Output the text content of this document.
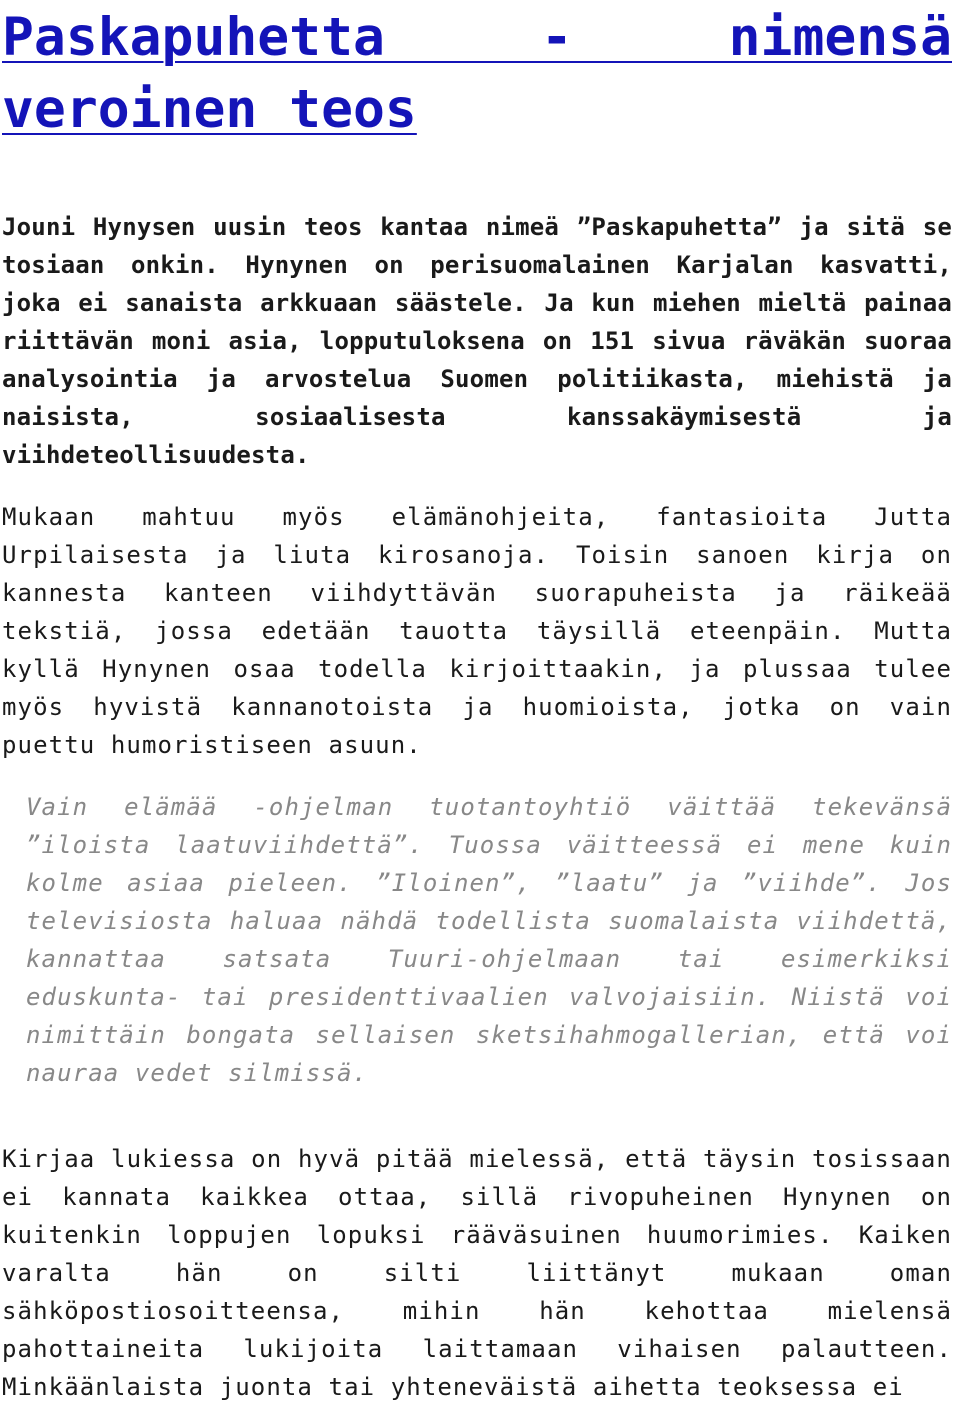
Paskapuhetta - nimensä veroinen teos

Jouni Hynysen uusin teos kantaa nimeä ”Paskapuhetta” ja sitä se tosiaan onkin. Hynynen on perisuomalainen Karjalan kasvatti, joka ei sanaista arkkuaan säästele. Ja kun miehen mieltä painaa riittävän moni asia, lopputuloksena on 151 sivua räväkän suoraa analysointia ja arvostelua Suomen politiikasta, miehistä ja naisista, sosiaalisesta kanssakäymisestä ja viihdeteollisuudesta.

Mukaan mahtuu myös elämänohjeita, fantasioita Jutta Urpilaisesta ja liuta kirosanoja. Toisin sanoen kirja on kannesta kanteen viihdyttävän suorapuheista ja räikeää tekstiä, jossa edetään tauotta täysillä eteenpäin. Mutta kyllä Hynynen osaa todella kirjoittaakin, ja plussaa tulee myös hyvistä kannanotoista ja huomioista, jotka on vain puettu humoristiseen asuun.

Vain elämää -ohjelman tuotantoyhtiö väittää tekevänsä ”iloista laatuviihdettä”. Tuossa väitteessä ei mene kuin kolme asiaa pieleen. ”Iloinen”, ”laatu” ja ”viihde”. Jos televisiosta haluaa nähdä todellista suomalaista viihdettä, kannattaa satsata Tuuri-ohjelmaan tai esimerkiksi eduskunta- tai presidenttivaalien valvojaisiin. Niistä voi nimittäin bongata sellaisen sketsihahmogallerian, että voi nauraa vedet silmissä.

Kirjaa lukiessa on hyvä pitää mielessä, että täysin tosissaan ei kannata kaikkea ottaa, sillä rivopuheinen Hynynen on kuitenkin loppujen lopuksi rääväsuinen huumorimies. Kaiken varalta hän on silti liittänyt mukaan oman sähköpostiosoitteensa, mihin hän kehottaa mielensä pahottaineita lukijoita laittamaan vihaisen palautteen. Minkäänlaista juonta tai yhteneväistä aihetta teoksessa ei
